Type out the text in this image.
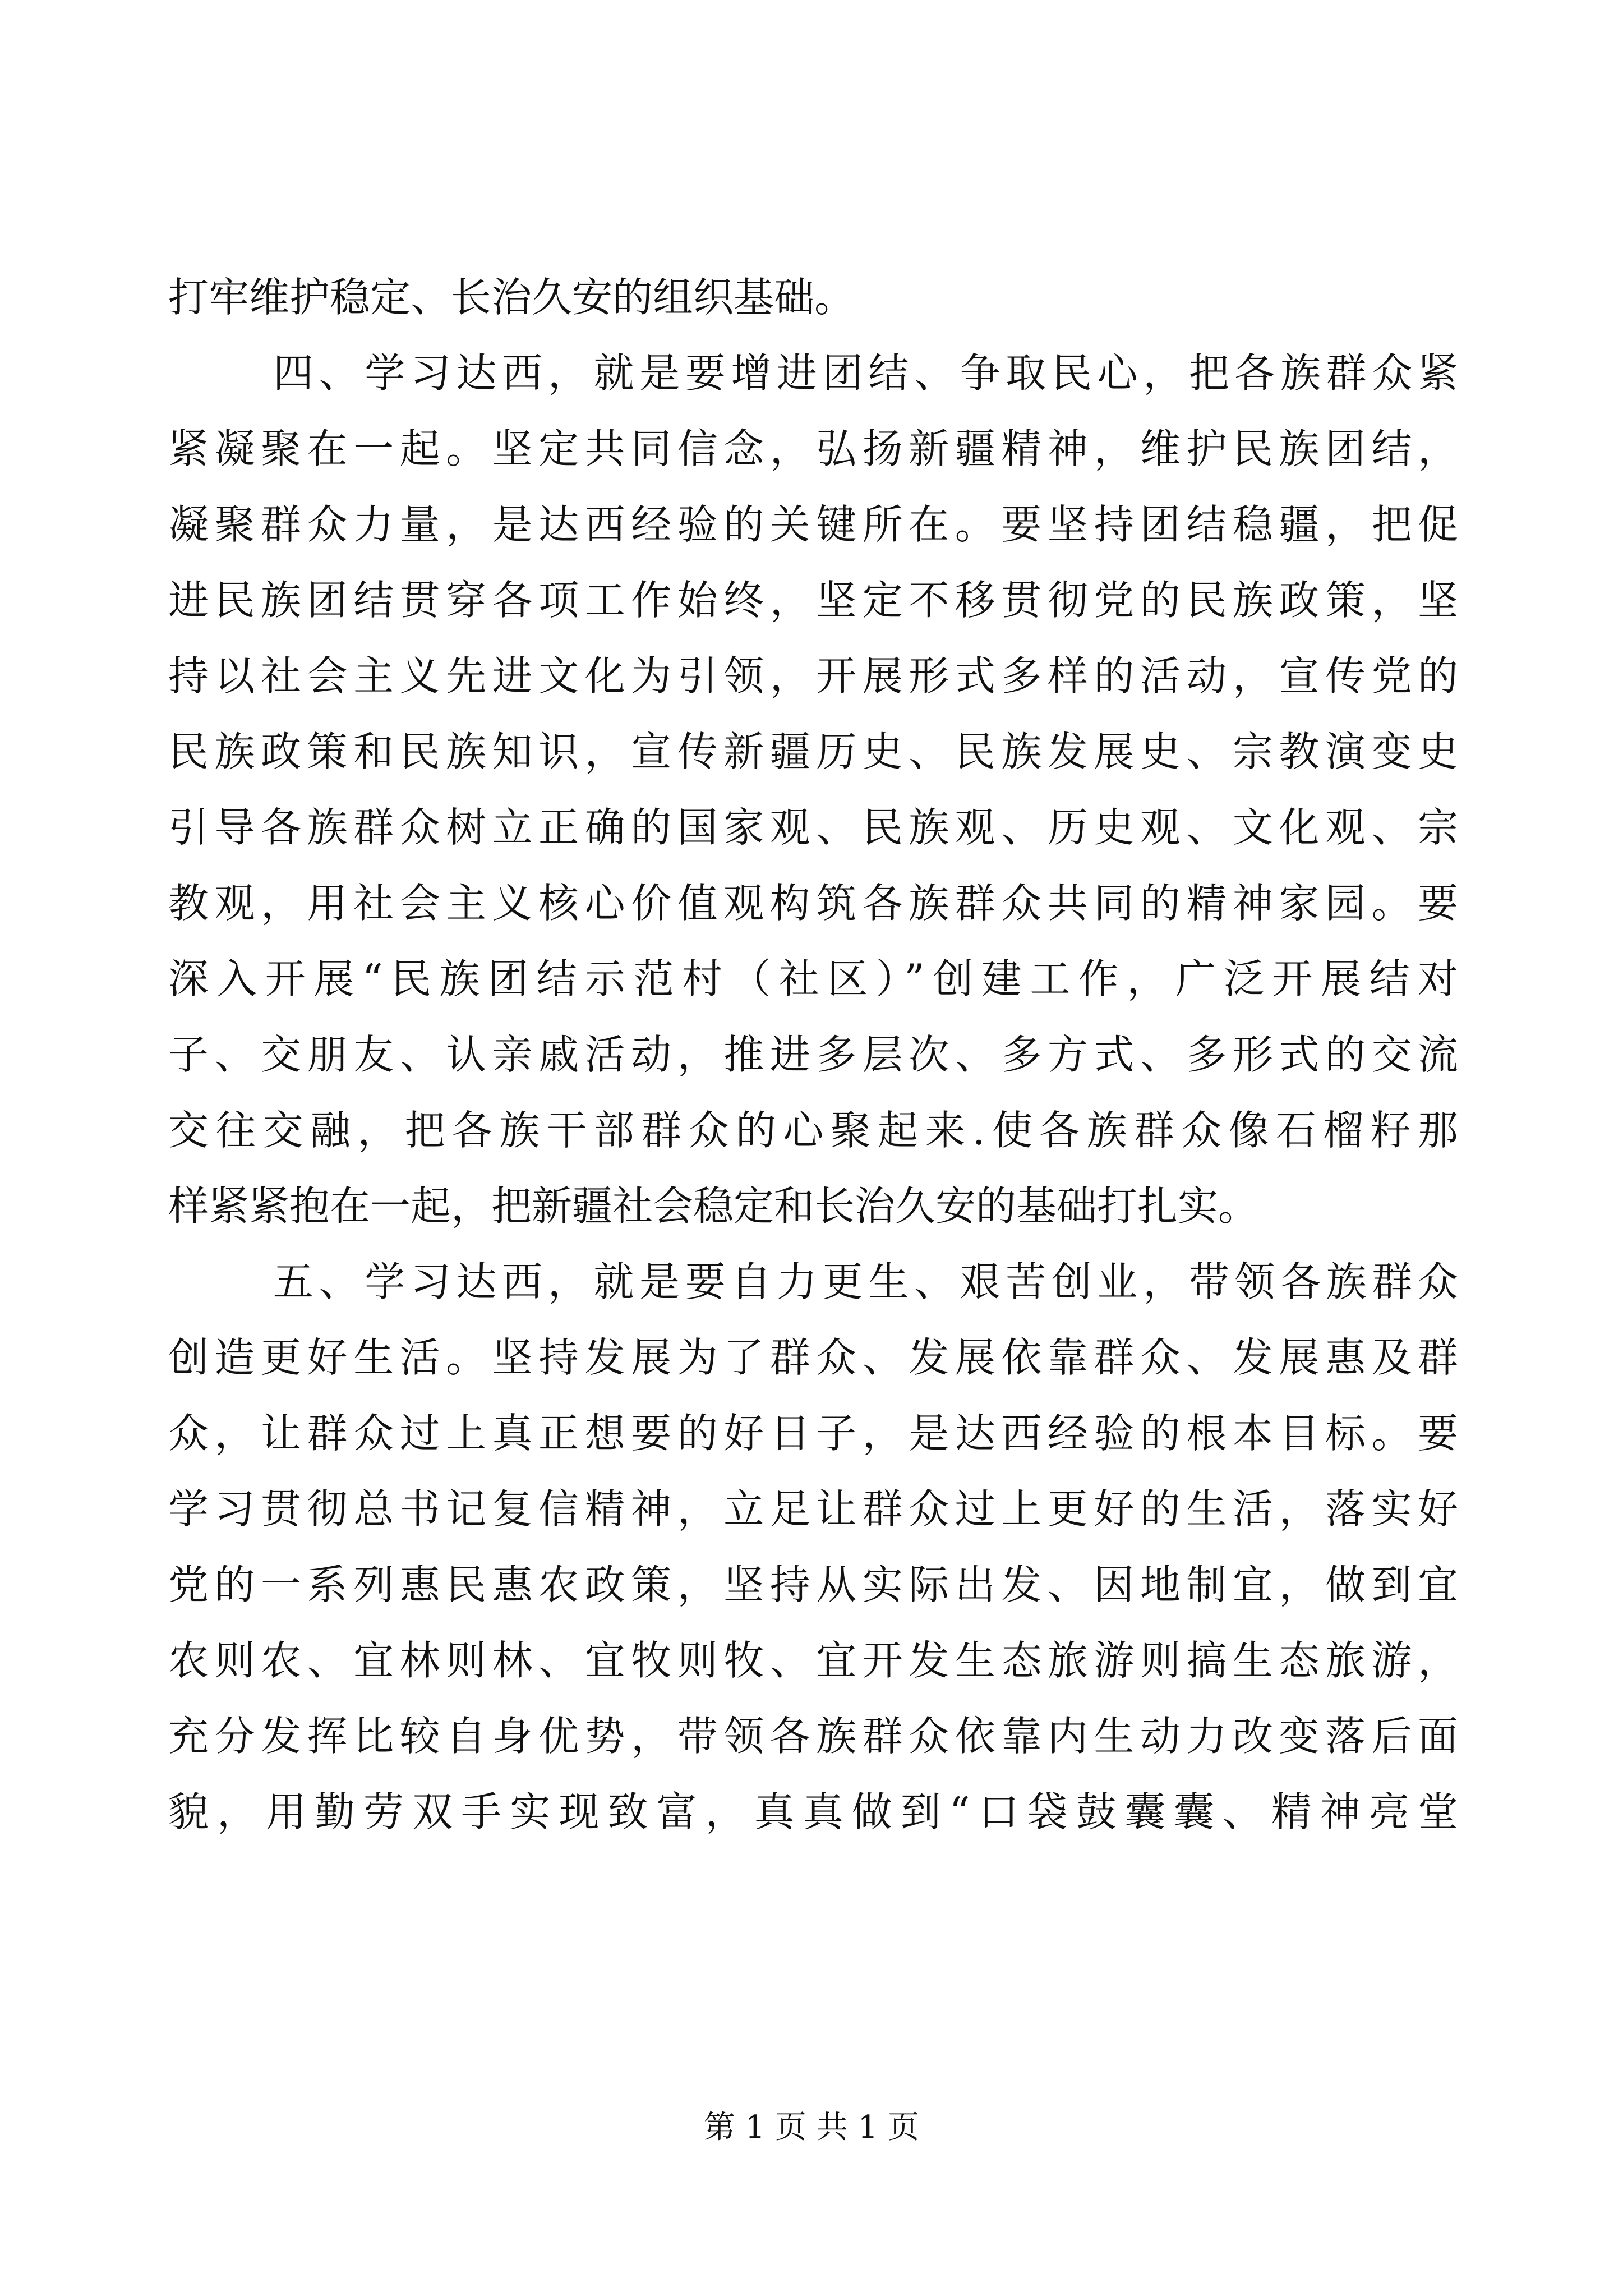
打牢维护稳定、长治久安的组织基础。
四、学习达西，就是要增进团结、争取民心，把各族群众紧
紧凝聚在一起。坚定共同信念，弘扬新疆精神，维护民族团结，
凝聚群众力量，是达西经验的关键所在。要坚持团结稳疆，把促
进民族团结贯穿各项工作始终，坚定不移贯彻党的民族政策，坚
持以社会主义先进文化为引领，开展形式多样的活动，宣传党的
民族政策和民族知识，宣传新疆历史、民族发展史、宗教演变史
引导各族群众树立正确的国家观、民族观、历史观、文化观、宗
教观，用社会主义核心价值观构筑各族群众共同的精神家园。要
深入开展“民族团结示范村（社区）”创建工作，广泛开展结对
子、交朋友、认亲戚活动，推进多层次、多方式、多形式的交流
交往交融，把各族干部群众的心聚起来.使各族群众像石榴籽那
样紧紧抱在一起，把新疆社会稳定和长治久安的基础打扎实。
五、学习达西，就是要自力更生、艰苦创业，带领各族群众
创造更好生活。坚持发展为了群众、发展依靠群众、发展惠及群
众，让群众过上真正想要的好日子，是达西经验的根本目标。要
学习贯彻总书记复信精神，立足让群众过上更好的生活，落实好
党的一系列惠民惠农政策，坚持从实际出发、因地制宜，做到宜
农则农、宜林则林、宜牧则牧、宜开发生态旅游则搞生态旅游，
充分发挥比较自身优势，带领各族群众依靠内生动力改变落后面
貌，用勤劳双手实现致富，真真做到“口袋鼓囊囊、精神亮堂
第 1 页 共 1 页
